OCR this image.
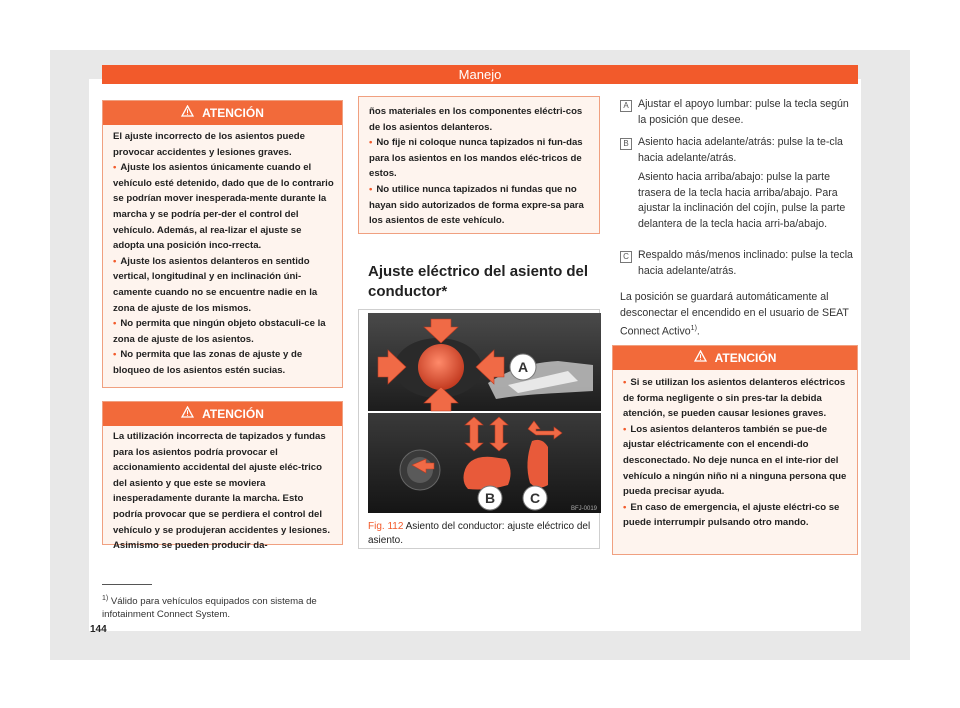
Manejo
ATENCIÓN

El ajuste incorrecto de los asientos puede provocar accidentes y lesiones graves.

• Ajuste los asientos únicamente cuando el vehículo esté detenido, dado que de lo contrario se podrían mover inesperada-mente durante la marcha y se podría per-der el control del vehículo. Además, al rea-lizar el ajuste se adopta una posición inco-rrecta.

• Ajuste los asientos delanteros en sentido vertical, longitudinal y en inclinación úni-camente cuando no se encuentre nadie en la zona de ajuste de los mismos.

• No permita que ningún objeto obstaculi-ce la zona de ajuste de los asientos.

• No permita que las zonas de ajuste y de bloqueo de los asientos estén sucias.

ATENCIÓN

La utilización incorrecta de tapizados y fundas para los asientos podría provocar el accionamiento accidental del ajuste eléc-trico del asiento y que este se moviera inesperadamente durante la marcha. Esto podría provocar que se perdiera el control del vehículo y se produjeran accidentes y lesiones. Asimismo se pueden producir da-

ños materiales en los componentes eléctri-cos de los asientos delanteros.

• No fije ni coloque nunca tapizados ni fun-das para los asientos en los mandos eléc-tricos de estos.

• No utilice nunca tapizados ni fundas que no hayan sido autorizados de forma expre-sa para los asientos de este vehículo.

Ajuste eléctrico del asiento del conductor*
A
B C
BFJ-0019
Fig. 112 Asiento del conductor: ajuste eléctrico del asiento.
A Ajustar el apoyo lumbar: pulse la tecla según la posición que desee.
B Asiento hacia adelante/atrás: pulse la te-cla hacia adelante/atrás.
Asiento hacia arriba/abajo: pulse la parte trasera de la tecla hacia arriba/abajo. Para ajustar la inclinación del cojín, pulse la parte delantera de la tecla hacia arri-ba/abajo.
C Respaldo más/menos inclinado: pulse la tecla hacia adelante/atrás.
La posición se guardará automáticamente al desconectar el encendido en el usuario de SEAT Connect Activo$^{1)}$.
ATENCIÓN

• Si se utilizan los asientos delanteros eléctricos de forma negligente o sin pres-tar la debida atención, se pueden causar lesiones graves.

• Los asientos delanteros también se pue-de ajustar eléctricamente con el encendi-do desconectado. No deje nunca en el inte-rior del vehículo a ningún niño ni a ninguna persona que pueda precisar ayuda.

• En caso de emergencia, el ajuste eléctri-co se puede interrumpir pulsando otro mando.

$^{1)}$ Válido para vehículos equipados con sistema de infotainment Connect System.
144
